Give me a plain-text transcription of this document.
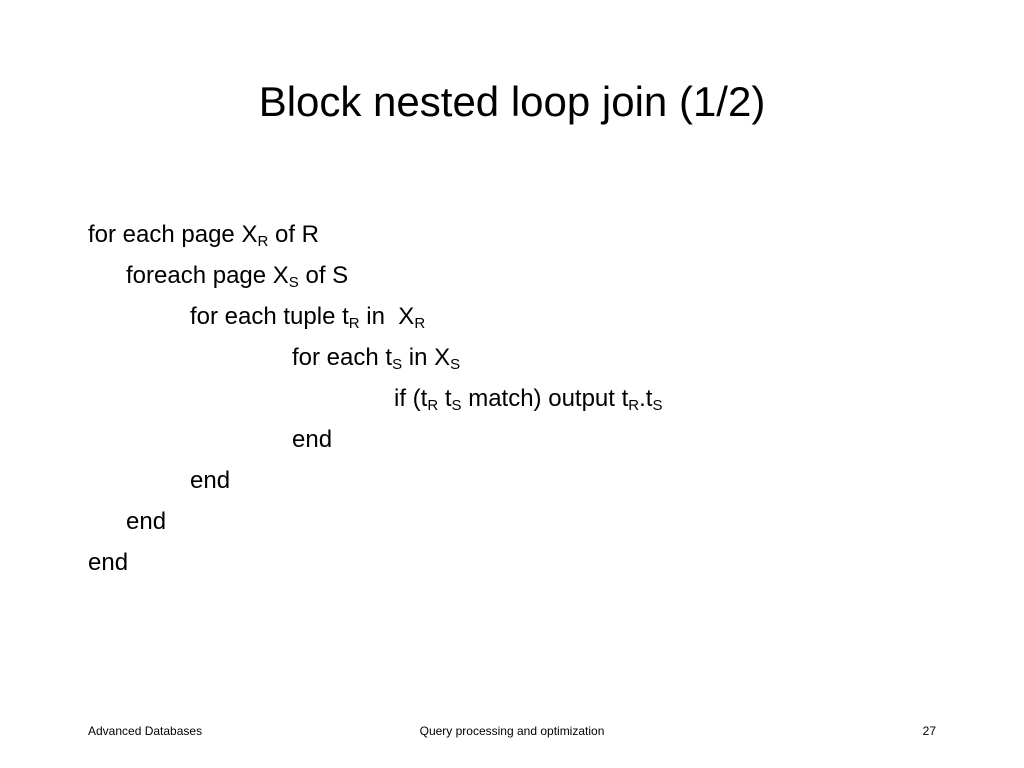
Block nested loop join (1/2)
for each page $X_R$ of R
foreach page $X_S$ of S
for each tuple $t_R$ in  $X_R$
for each $t_S$ in $X_S$
if ($t_R$ $t_S$ match) output $t_R.t_S$
end
end
end
end
Advanced Databases	Query processing and optimization	27
